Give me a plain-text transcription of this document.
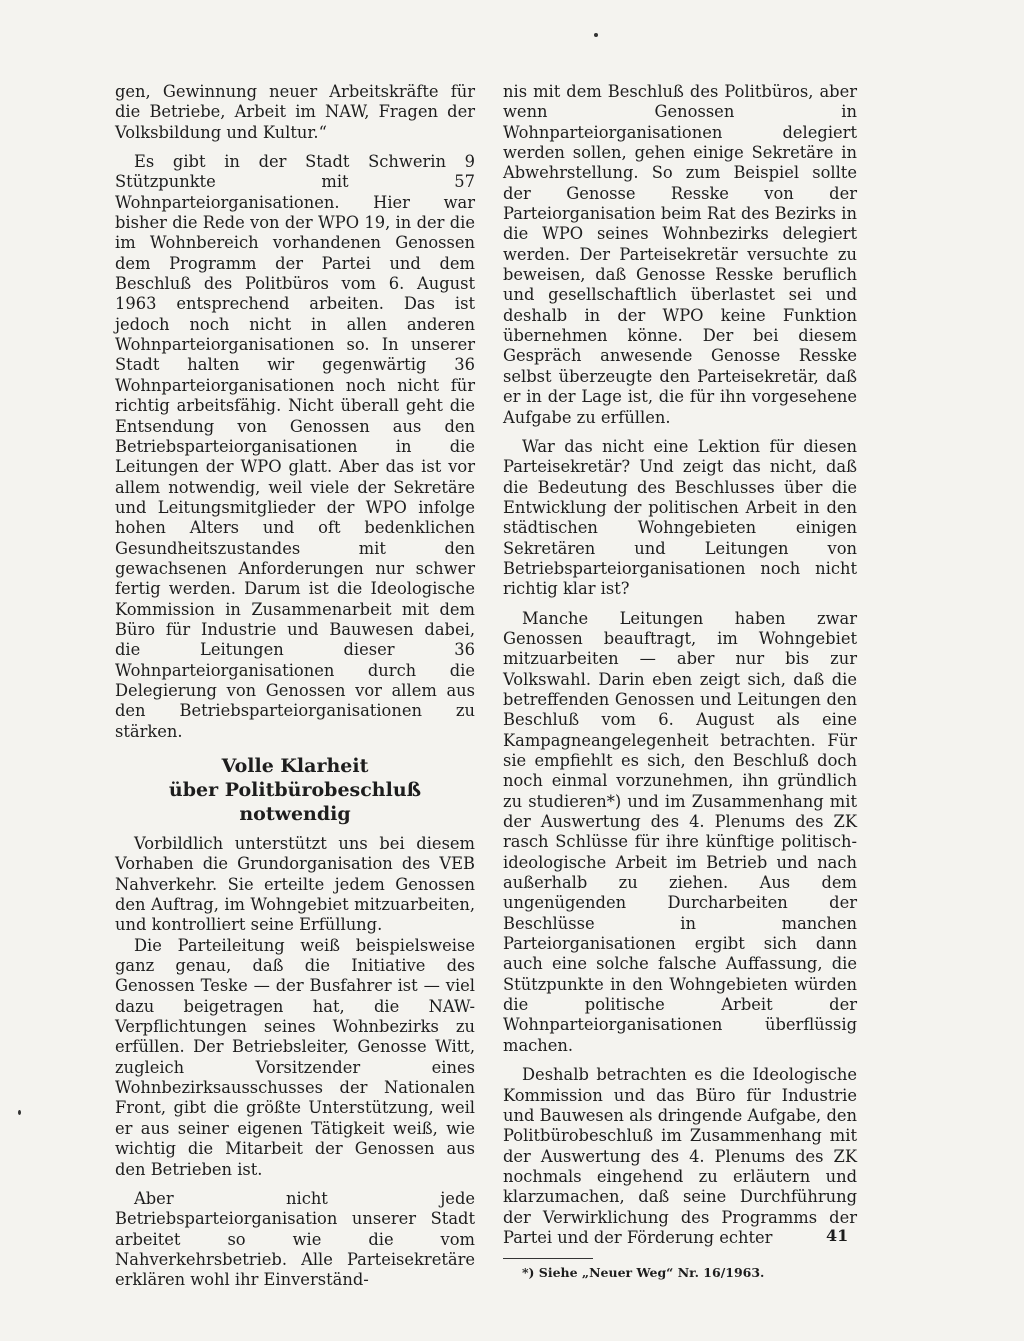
gen, Gewinnung neuer Arbeitskräfte für die Betriebe, Arbeit im NAW, Fragen der Volksbildung und Kultur.“

Es gibt in der Stadt Schwerin 9 Stützpunkte mit 57 Wohnparteiorganisationen. Hier war bisher die Rede von der WPO 19, in der die im Wohnbereich vorhandenen Genossen dem Programm der Partei und dem Beschluß des Politbüros vom 6. August 1963 entsprechend arbeiten. Das ist jedoch noch nicht in allen anderen Wohnparteiorganisationen so. In unserer Stadt halten wir gegenwärtig 36 Wohnparteiorganisationen noch nicht für richtig arbeitsfähig. Nicht überall geht die Entsendung von Genossen aus den Betriebsparteiorganisationen in die Leitungen der WPO glatt. Aber das ist vor allem notwendig, weil viele der Sekretäre und Leitungsmitglieder der WPO infolge hohen Alters und oft bedenklichen Gesundheitszustandes mit den gewachsenen Anforderungen nur schwer fertig werden. Darum ist die Ideologische Kommission in Zusammenarbeit mit dem Büro für Industrie und Bauwesen dabei, die Leitungen dieser 36 Wohnparteiorganisationen durch die Delegierung von Genossen vor allem aus den Betriebsparteiorganisationen zu stärken.

Volle Klarheit
über Politbürobeschluß notwendig

Vorbildlich unterstützt uns bei diesem Vorhaben die Grundorganisation des VEB Nahverkehr. Sie erteilte jedem Genossen den Auftrag, im Wohngebiet mitzuarbeiten, und kontrolliert seine Erfüllung.

Die Parteileitung weiß beispielsweise ganz genau, daß die Initiative des Genossen Teske — der Busfahrer ist — viel dazu beigetragen hat, die NAW-Verpflichtungen seines Wohnbezirks zu erfüllen. Der Betriebsleiter, Genosse Witt, zugleich Vorsitzender eines Wohnbezirksausschusses der Nationalen Front, gibt die größte Unterstützung, weil er aus seiner eigenen Tätigkeit weiß, wie wichtig die Mitarbeit der Genossen aus den Betrieben ist.

Aber nicht jede Betriebsparteiorganisation unserer Stadt arbeitet so wie die vom Nahverkehrsbetrieb. Alle Parteisekretäre erklären wohl ihr Einverständ-

nis mit dem Beschluß des Politbüros, aber wenn Genossen in Wohnparteiorganisationen delegiert werden sollen, gehen einige Sekretäre in Abwehrstellung. So zum Beispiel sollte der Genosse Resske von der Parteiorganisation beim Rat des Bezirks in die WPO seines Wohnbezirks delegiert werden. Der Parteisekretär versuchte zu beweisen, daß Genosse Resske beruflich und gesellschaftlich überlastet sei und deshalb in der WPO keine Funktion übernehmen könne. Der bei diesem Gespräch anwesende Genosse Resske selbst überzeugte den Parteisekretär, daß er in der Lage ist, die für ihn vorgesehene Aufgabe zu erfüllen.

War das nicht eine Lektion für diesen Parteisekretär? Und zeigt das nicht, daß die Bedeutung des Beschlusses über die Entwicklung der politischen Arbeit in den städtischen Wohngebieten einigen Sekretären und Leitungen von Betriebsparteiorganisationen noch nicht richtig klar ist?

Manche Leitungen haben zwar Genossen beauftragt, im Wohngebiet mitzuarbeiten — aber nur bis zur Volkswahl. Darin eben zeigt sich, daß die betreffenden Genossen und Leitungen den Beschluß vom 6. August als eine Kampagneangelegenheit betrachten. Für sie empfiehlt es sich, den Beschluß doch noch einmal vorzunehmen, ihn gründlich zu studieren*) und im Zusammenhang mit der Auswertung des 4. Plenums des ZK rasch Schlüsse für ihre künftige politisch-ideologische Arbeit im Betrieb und nach außerhalb zu ziehen. Aus dem ungenügenden Durcharbeiten der Beschlüsse in manchen Parteiorganisationen ergibt sich dann auch eine solche falsche Auffassung, die Stützpunkte in den Wohngebieten würden die politische Arbeit der Wohnparteiorganisationen überflüssig machen.

Deshalb betrachten es die Ideologische Kommission und das Büro für Industrie und Bauwesen als dringende Aufgabe, den Politbürobeschluß im Zusammenhang mit der Auswertung des 4. Plenums des ZK nochmals eingehend zu erläutern und klarzumachen, daß seine Durchführung der Verwirklichung des Programms der Partei und der Förderung echter

*) Siehe „Neuer Weg“ Nr. 16/1963.

41
